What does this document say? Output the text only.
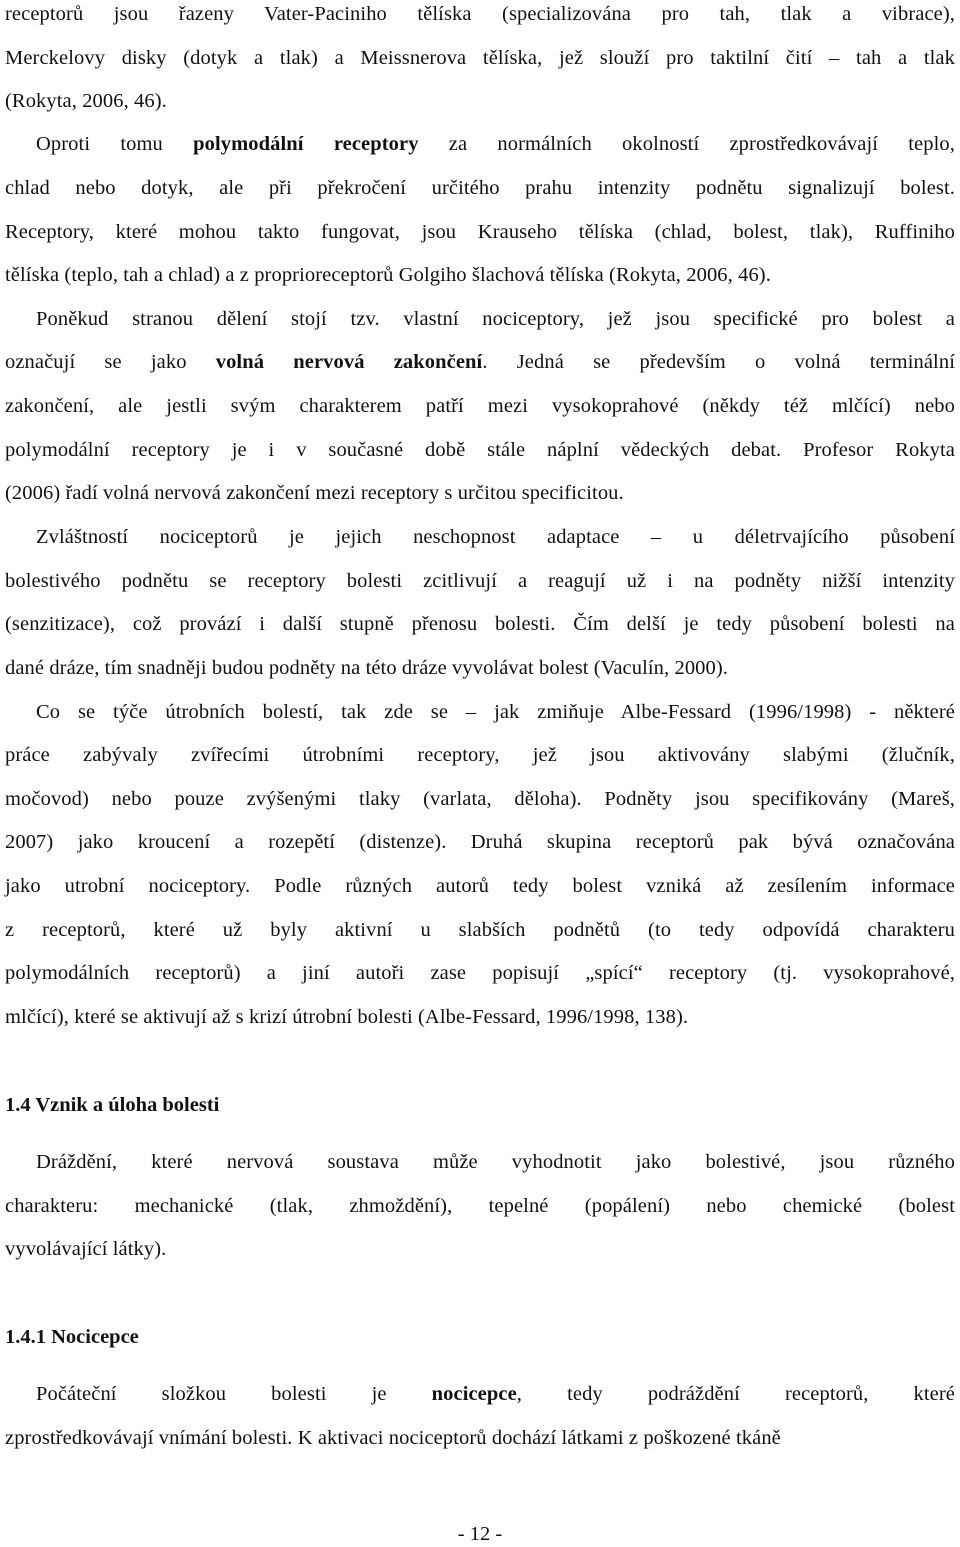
receptorů jsou řazeny Vater-Paciniho tělíska (specializována pro tah, tlak a vibrace),
Merckelovy disky (dotyk a tlak) a Meissnerova tělíska, jež slouží pro taktilní čití – tah a tlak
(Rokyta, 2006, 46).
Oproti tomu polymodální receptory za normálních okolností zprostředkovávají teplo,
chlad nebo dotyk, ale při překročení určitého prahu intenzity podnětu signalizují bolest.
Receptory, které mohou takto fungovat, jsou Krauseho tělíska (chlad, bolest, tlak), Ruffiniho
tělíska (teplo, tah a chlad) a z proprioreceptorů Golgiho šlachová tělíska (Rokyta, 2006, 46).
Poněkud stranou dělení stojí tzv. vlastní nociceptory, jež jsou specifické pro bolest a
označují se jako volná nervová zakončení. Jedná se především o volná terminální
zakončení, ale jestli svým charakterem patří mezi vysokoprahové (někdy též mlčící) nebo
polymodální receptory je i v současné době stále náplní vědeckých debat. Profesor Rokyta
(2006) řadí volná nervová zakončení mezi receptory s určitou specificitou.
Zvláštností nociceptorů je jejich neschopnost adaptace – u déletrvajícího působení
bolestivého podnětu se receptory bolesti zcitlivují a reagují už i na podněty nižší intenzity
(senzitizace), což provází i další stupně přenosu bolesti. Čím delší je tedy působení bolesti na
dané dráze, tím snadněji budou podněty na této dráze vyvolávat bolest (Vaculín, 2000).
Co se týče útrobních bolestí, tak zde se – jak zmiňuje Albe-Fessard (1996/1998) - některé
práce zabývaly zvířecími útrobními receptory, jež jsou aktivovány slabými (žlučník,
močovod) nebo pouze zvýšenými tlaky (varlata, děloha). Podněty jsou specifikovány (Mareš,
2007) jako kroucení a rozepětí (distenze). Druhá skupina receptorů pak bývá označována
jako utrobní nociceptory. Podle různých autorů tedy bolest vzniká až zesílením informace
z receptorů, které už byly aktivní u slabších podnětů (to tedy odpovídá charakteru
polymodálních receptorů) a jiní autoři zase popisují „spící“ receptory (tj. vysokoprahové,
mlčící), které se aktivují až s krizí útrobní bolesti (Albe-Fessard, 1996/1998, 138).
1.4 Vznik a úloha bolesti
Dráždění, které nervová soustava může vyhodnotit jako bolestivé, jsou různého
charakteru: mechanické (tlak, zhmoždění), tepelné (popálení) nebo chemické (bolest
vyvolávající látky).
1.4.1 Nocicepce
Počáteční složkou bolesti je nocicepce, tedy podráždění receptorů, které
zprostředkovávají vnímání bolesti. K aktivaci nociceptorů dochází látkami z poškozené tkáně
- 12 -
